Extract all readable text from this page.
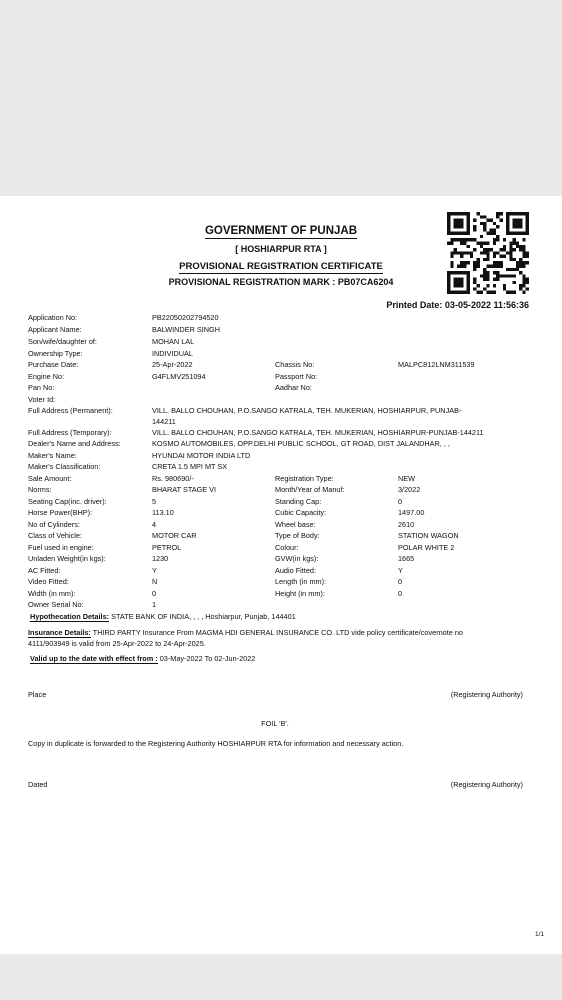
GOVERNMENT OF PUNJAB
[ HOSHIARPUR RTA ]
PROVISIONAL REGISTRATION CERTIFICATE
PROVISIONAL REGISTRATION MARK : PB07CA6204
Printed Date: 03-05-2022 11:56:36
Application No:	PB22050202794520
Applicant Name:	BALWINDER SINGH
Son/wife/daughter of:	MOHAN LAL
Ownership Type:	INDIVIDUAL
Purchase Date:	25-Apr-2022	Chassis No:	MALPC812LNM311539
Engine No:	G4FLMV251094	Passport No:
Pan No:	Aadhar No:
Voter Id:
Full Address (Permanent):	VILL. BALLO CHOUHAN, P.O.SANGO KATRALA, TEH. MUKERIAN, HOSHIARPUR, PUNJAB-
144211
Full Address (Temporary):	VILL. BALLO CHOUHAN, P.O.SANGO KATRALA, TEH. MUKERIAN, HOSHIARPUR-PUNJAB-144211
Dealer's Name and Address:	KOSMO AUTOMOBILES, OPP.DELHI PUBLIC SCHOOL, GT ROAD, DIST JALANDHAR, , ,
Maker's Name:	HYUNDAI MOTOR INDIA LTD
Maker's Classification:	CRETA 1.5 MPI MT SX
Sale Amount:	Rs. 980690/-	Registration Type:	NEW
Norms:	BHARAT STAGE VI	Month/Year of Manuf:	3/2022
Seating Cap(inc. driver):	5	Standing Cap:	0
Horse Power(BHP):	113.10	Cubic Capacity:	1497.00
No of Cylinders:	4	Wheel base:	2610
Class of Vehicle:	MOTOR CAR	Type of Body:	STATION WAGON
Fuel used in engine:	PETROL	Colour:	POLAR WHITE 2
Unladen Weight(in kgs):	1230	GVW(in kgs):	1665
AC Fitted:	Y	Audio Fitted:	Y
Video Fitted:	N	Length (in mm):	0
Width (in mm):	0	Height (in mm):	0
Owner Serial No:	1
Hypothecation Details: STATE BANK OF INDIA, , , , Hoshiarpur, Punjab, 144401
Insurance Details: THIRD PARTY Insurance From MAGMA HDI GENERAL INSURANCE CO. LTD vide policy certificate/covernote no
4111/903949 is valid from 25-Apr-2022 to 24-Apr-2025.
Valid up to the date with effect from : 03-May-2022 To 02-Jun-2022
Place	(Registering Authority)
FOIL 'B'.
Copy in duplicate is forwarded to the Registering Authority HOSHIARPUR RTA for information and necessary action.
Dated	(Registering Authority)
1/1
